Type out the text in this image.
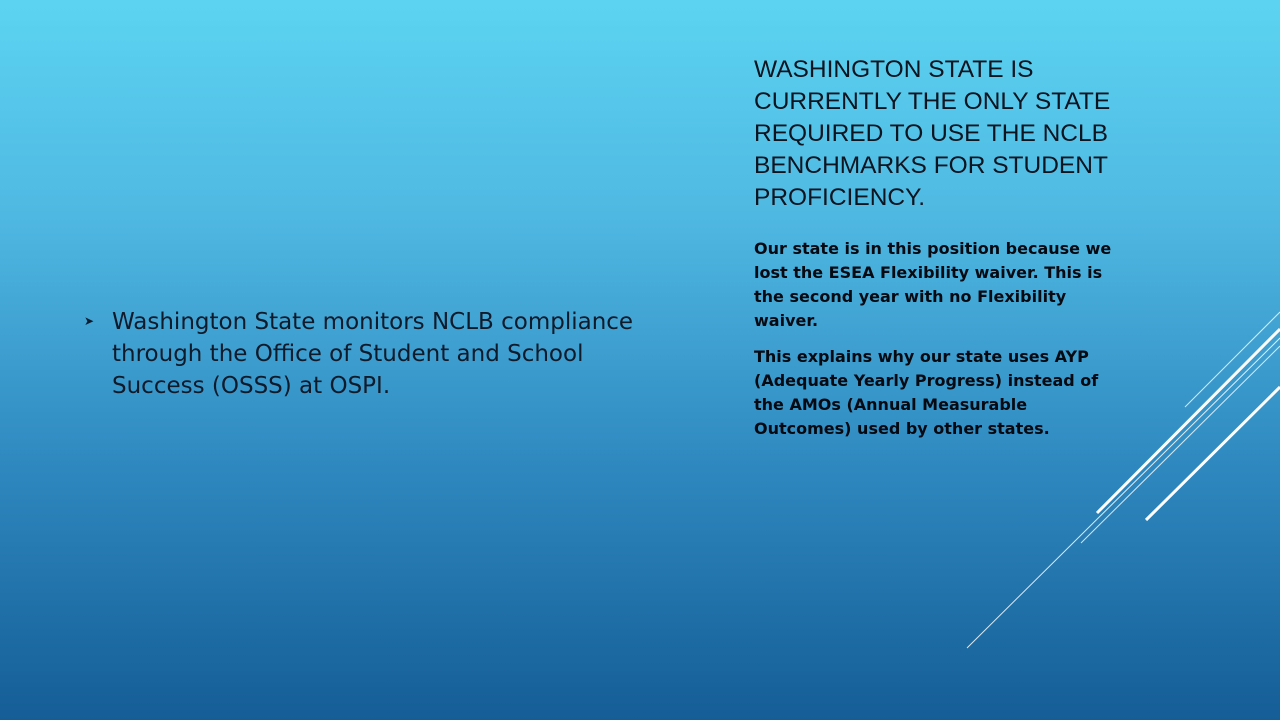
➤ Washington State monitors NCLB compliance through the Office of Student and School Success (OSSS) at OSPI.
WASHINGTON STATE IS CURRENTLY THE ONLY STATE REQUIRED TO USE THE NCLB BENCHMARKS FOR STUDENT PROFICIENCY.

Our state is in this position because we lost the ESEA Flexibility waiver. This is the second year with no Flexibility waiver.

This explains why our state uses AYP (Adequate Yearly Progress) instead of the AMOs (Annual Measurable Outcomes) used by other states.
